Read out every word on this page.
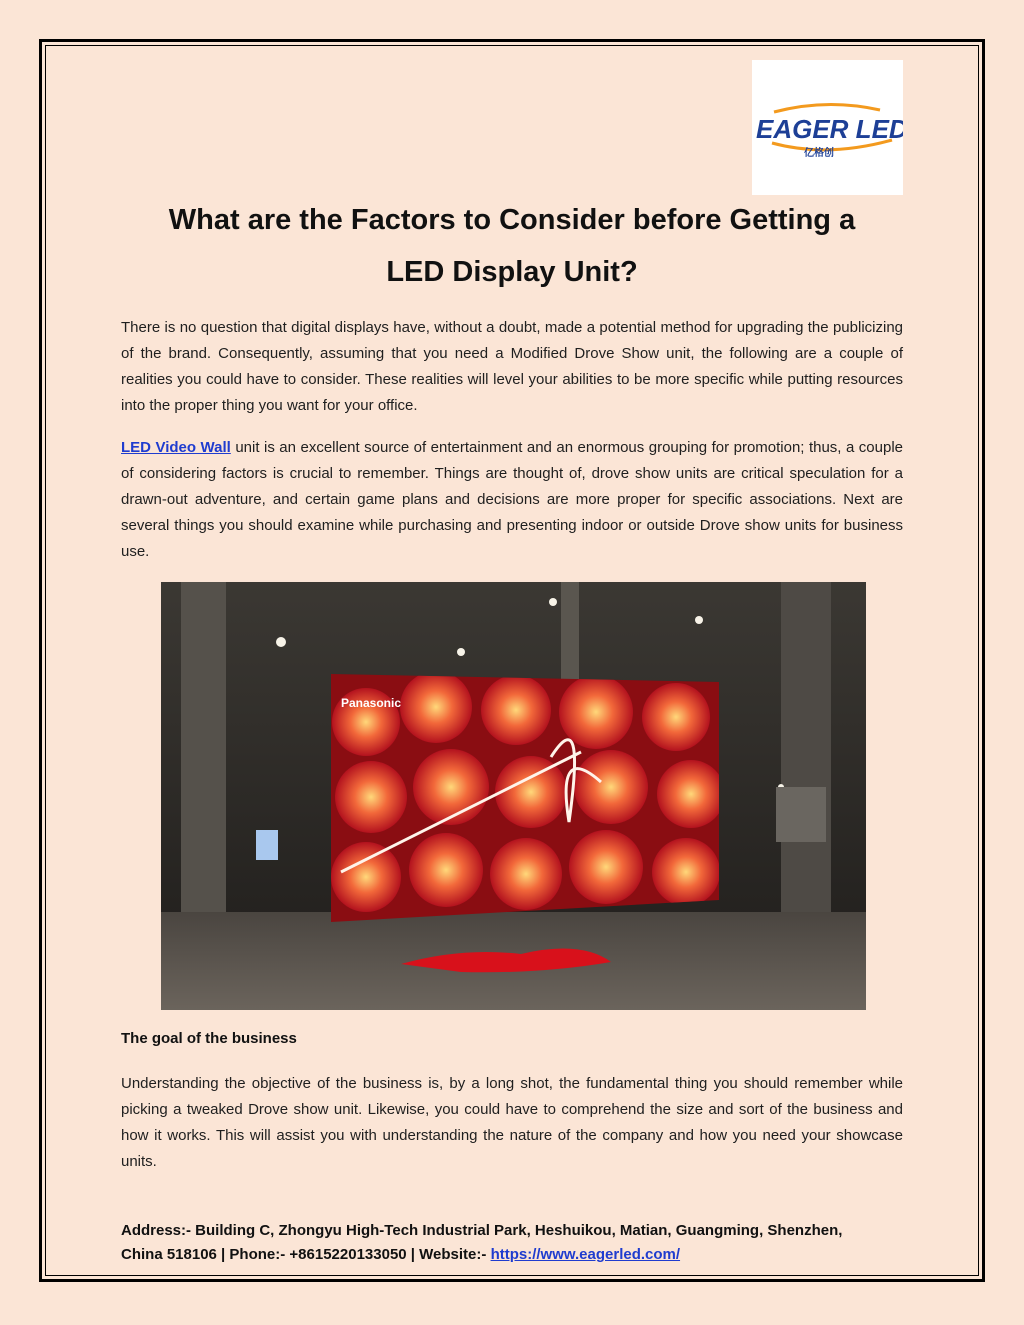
EAGER LED
亿格创
What are the Factors to Consider before Getting a
LED Display Unit?

There is no question that digital displays have, without a doubt, made a potential method for upgrading the publicizing of the brand. Consequently, assuming that you need a Modified Drove Show unit, the following are a couple of realities you could have to consider. These realities will level your abilities to be more specific while putting resources into the proper thing you want for your office.

LED Video Wall unit is an excellent source of entertainment and an enormous grouping for promotion; thus, a couple of considering factors is crucial to remember. Things are thought of, drove show units are critical speculation for a drawn-out adventure, and certain game plans and decisions are more proper for specific associations. Next are several things you should examine while purchasing and presenting indoor or outside Drove show units for business use.

Panasonic
The goal of the business

Understanding the objective of the business is, by a long shot, the fundamental thing you should remember while picking a tweaked Drove show unit. Likewise, you could have to comprehend the size and sort of the business and how it works. This will assist you with understanding the nature of the company and how you need your showcase units.

Address:- Building C, Zhongyu High-Tech Industrial Park, Heshuikou, Matian, Guangming, Shenzhen,
China 518106 | Phone:- +8615220133050 | Website:- https://www.eagerled.com/
